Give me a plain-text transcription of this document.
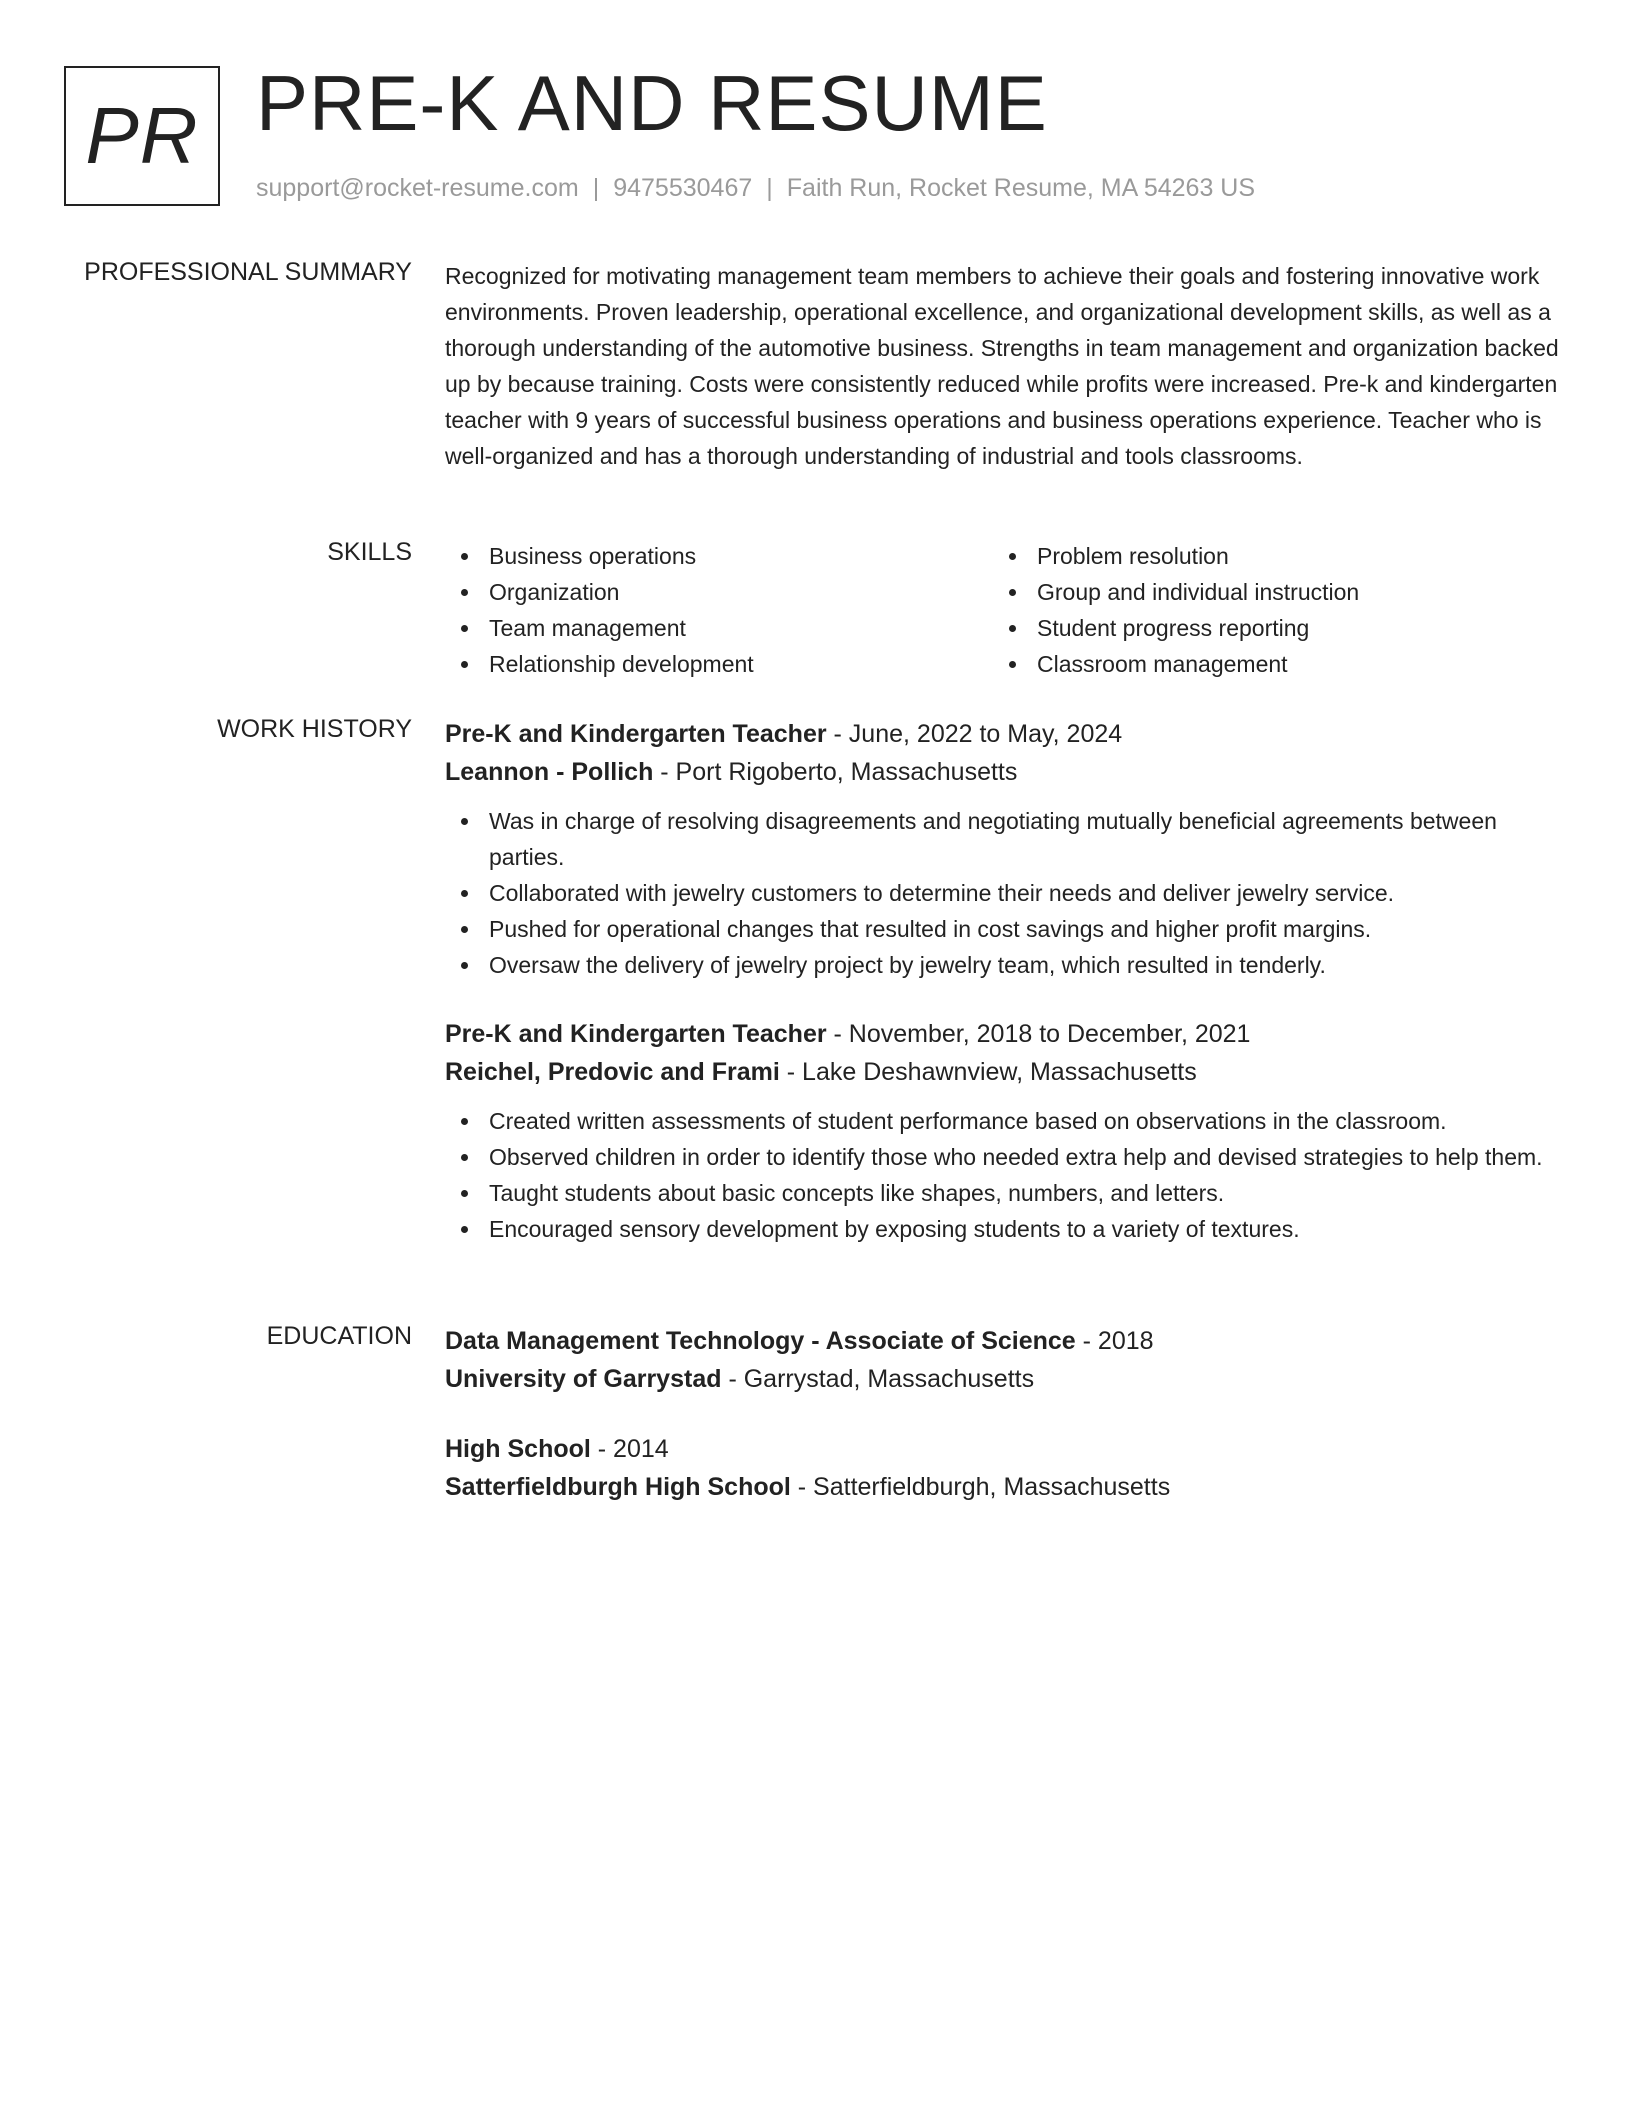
PR PRE-K AND RESUME
support@rocket-resume.com | 9475530467 | Faith Run, Rocket Resume, MA 54263 US
PROFESSIONAL SUMMARY Recognized for motivating management team members to achieve their goals and fostering innovative work environments. Proven leadership, operational excellence, and organizational development skills, as well as a thorough understanding of the automotive business. Strengths in team management and organization backed up by because training. Costs were consistently reduced while profits were increased. Pre-k and kindergarten teacher with 9 years of successful business operations and business operations experience. Teacher who is well-organized and has a thorough understanding of industrial and tools classrooms.

SKILLS	Business operations
Organization
Team management
Relationship development
Problem resolution
Group and individual instruction
Student progress reporting
Classroom management
WORK HISTORY Pre-K and Kindergarten Teacher - June, 2022 to May, 2024
Leannon - Pollich - Port Rigoberto, Massachusetts
Was in charge of resolving disagreements and negotiating mutually beneficial agreements between parties.
Collaborated with jewelry customers to determine their needs and deliver jewelry service.
Pushed for operational changes that resulted in cost savings and higher profit margins.
Oversaw the delivery of jewelry project by jewelry team, which resulted in tenderly.
Pre-K and Kindergarten Teacher - November, 2018 to December, 2021
Reichel, Predovic and Frami - Lake Deshawnview, Massachusetts
Created written assessments of student performance based on observations in the classroom.
Observed children in order to identify those who needed extra help and devised strategies to help them.
Taught students about basic concepts like shapes, numbers, and letters.
Encouraged sensory development by exposing students to a variety of textures.
EDUCATION Data Management Technology - Associate of Science - 2018
University of Garrystad - Garrystad, Massachusetts
High School - 2014
Satterfieldburgh High School - Satterfieldburgh, Massachusetts
